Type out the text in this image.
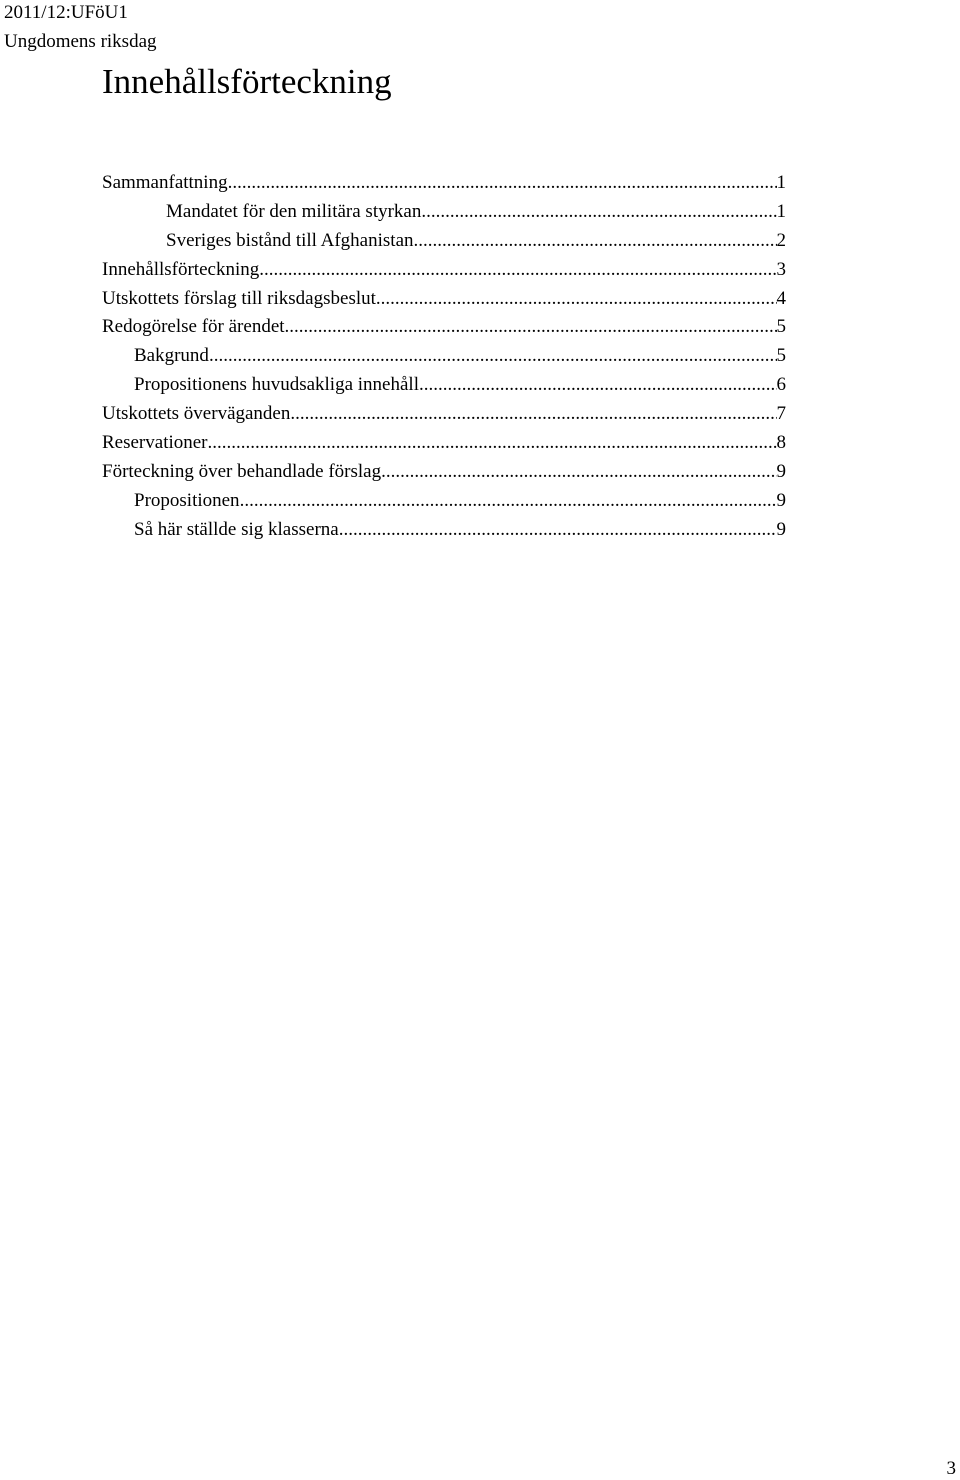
2011/12:UFöU1
Ungdomens riksdag
Innehållsförteckning
Sammanfattning .....	1
Mandatet för den militära styrkan .....	1
Sveriges bistånd till Afghanistan .....	2
Innehållsförteckning .....	3
Utskottets förslag till riksdagsbeslut .....	4
Redogörelse för ärendet .....	5
Bakgrund .....	5
Propositionens huvudsakliga innehåll .....	6
Utskottets överväganden .....	7
Reservationer .....	8
Förteckning över behandlade förslag .....	9
Propositionen .....	9
Så här ställde sig klasserna .....	9
3
